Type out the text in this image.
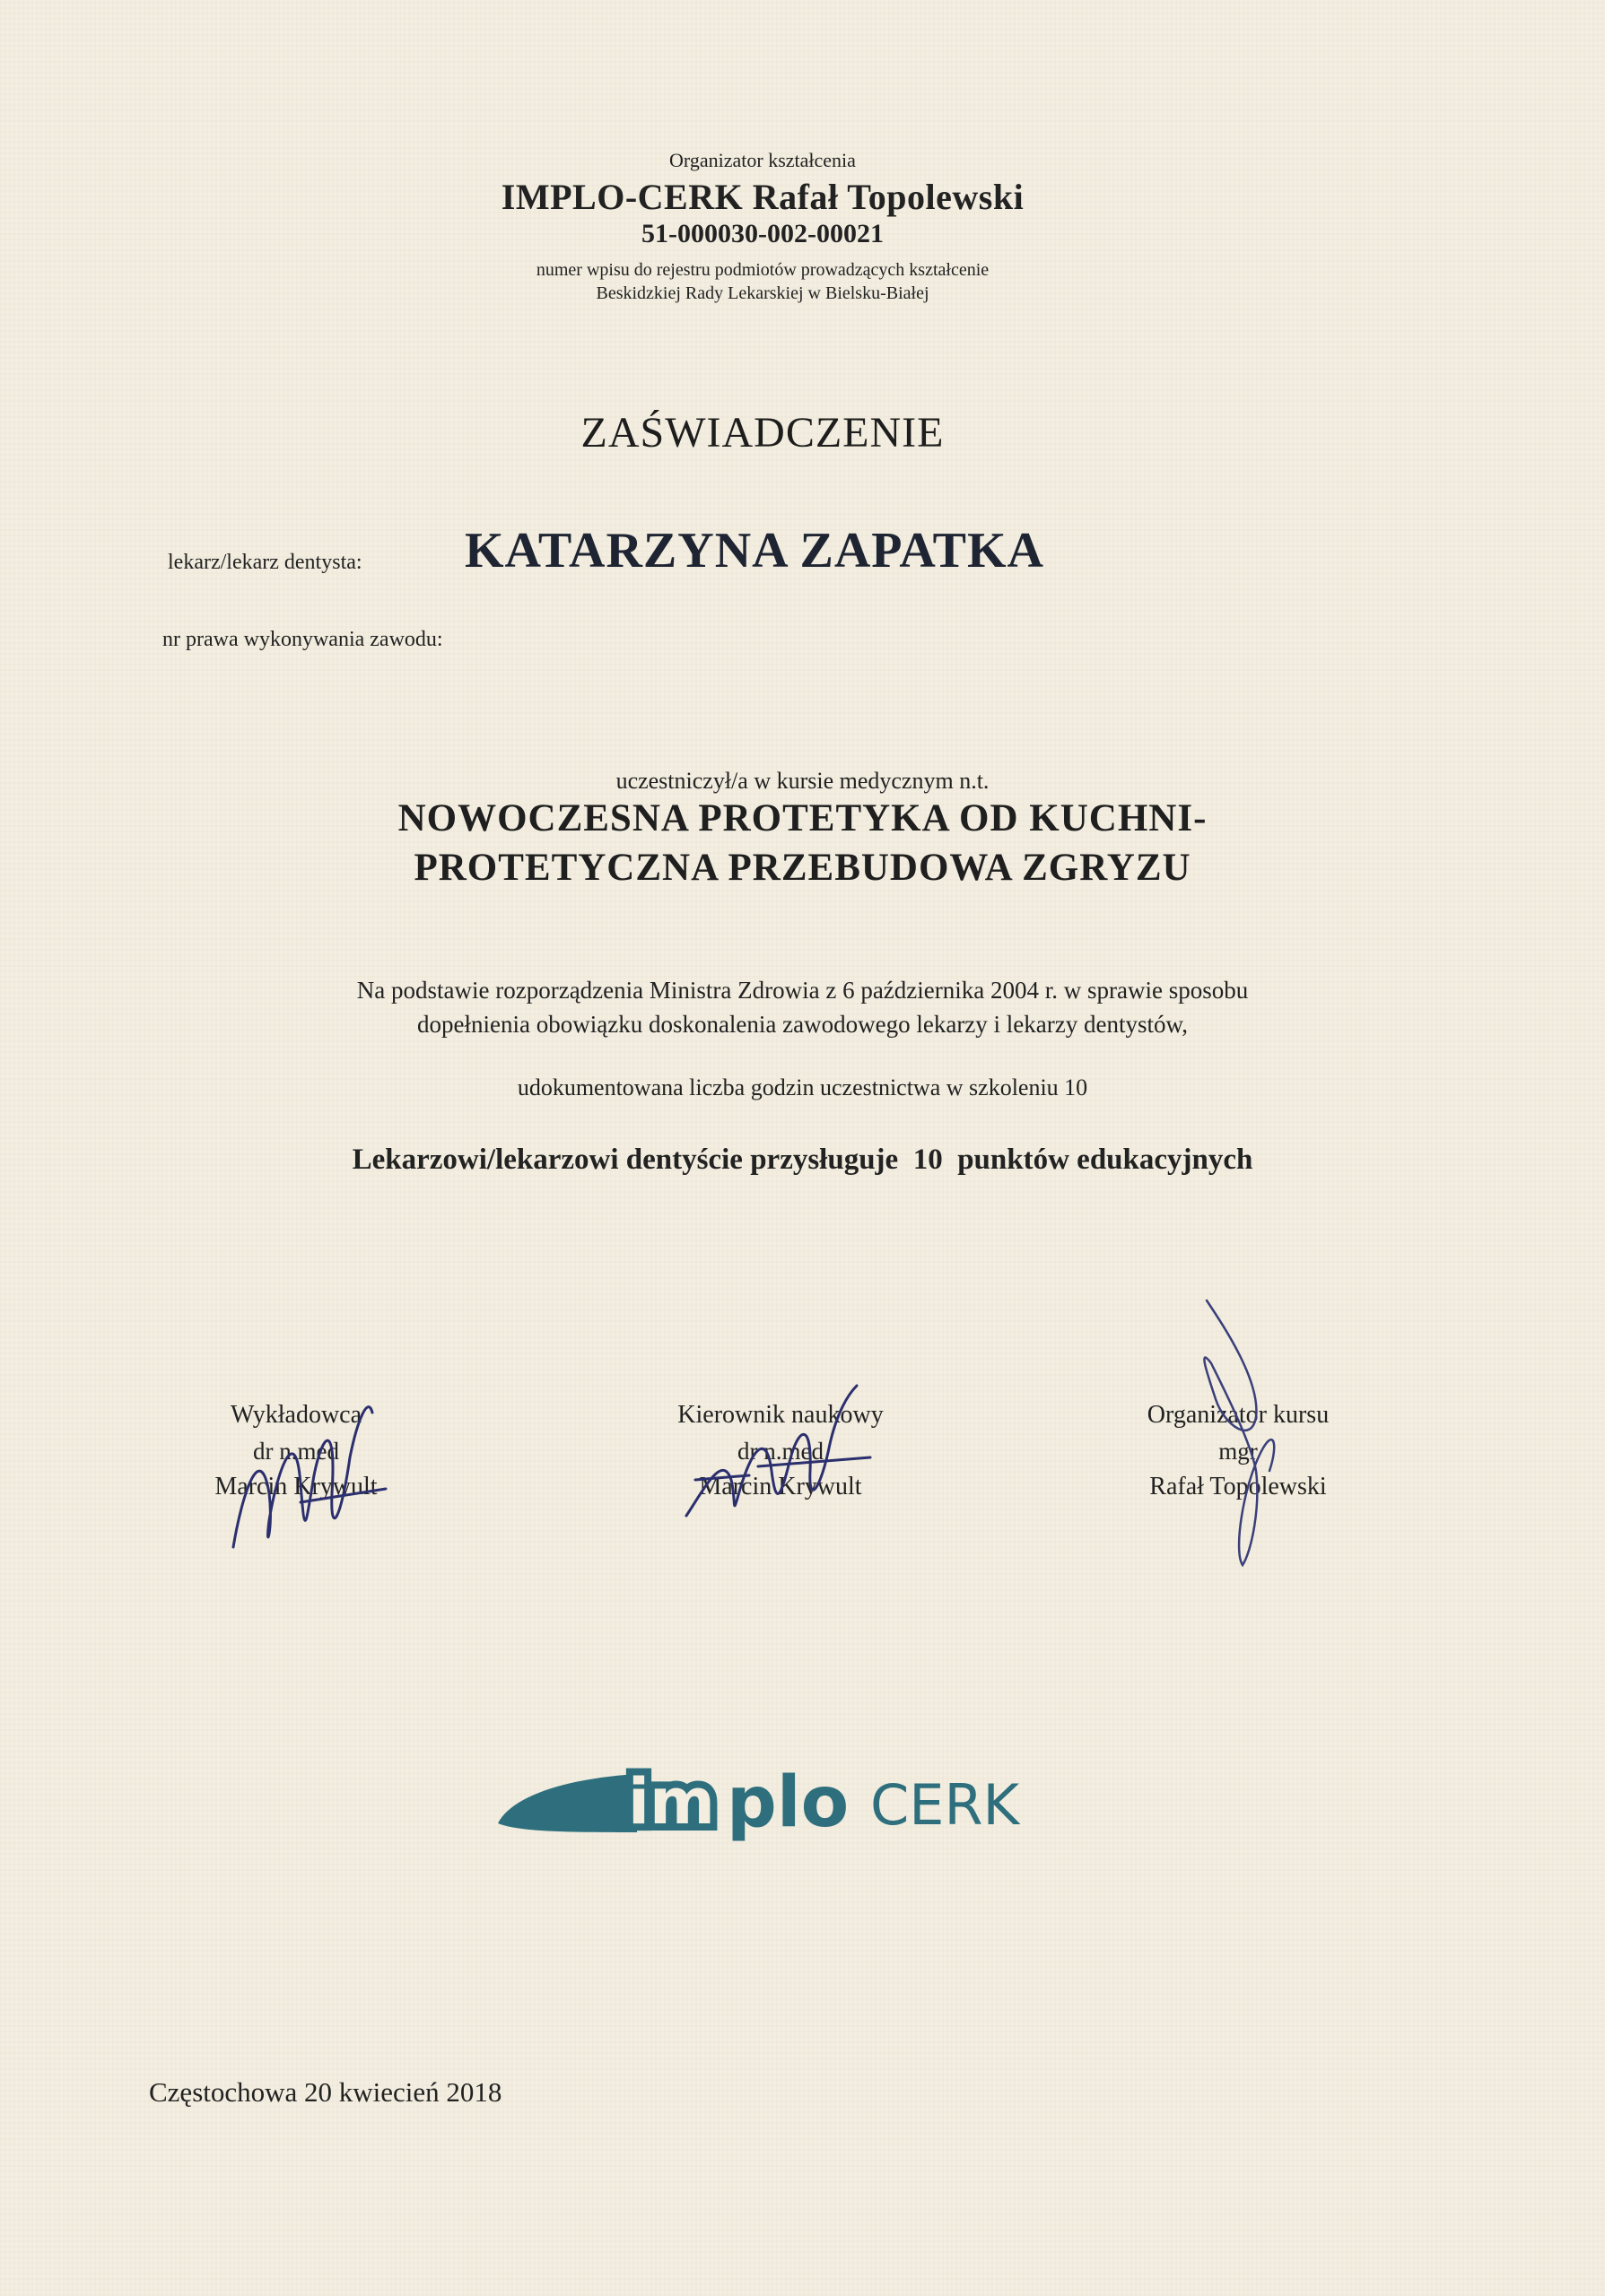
Organizator kształcenia
IMPLO-CERK Rafał Topolewski
51-000030-002-00021
numer wpisu do rejestru podmiotów prowadzących kształcenie
Beskidzkiej Rady Lekarskiej w Bielsku-Białej
ZAŚWIADCZENIE
lekarz/lekarz dentysta: KATARZYNA ZAPATKA
nr prawa wykonywania zawodu:
uczestniczył/a w kursie medycznym n.t.
NOWOCZESNA PROTETYKA OD KUCHNI-
PROTETYCZNA PRZEBUDOWA ZGRYZU
Na podstawie rozporządzenia Ministra Zdrowia z 6 października 2004 r. w sprawie sposobu
dopełnienia obowiązku doskonalenia zawodowego lekarzy i lekarzy dentystów,
udokumentowana liczba godzin uczestnictwa w szkoleniu 10
Lekarzowi/lekarzowi dentyście przysługuje  10  punktów edukacyjnych
Wykładowca
dr n.med
Marcin Krywult
Kierownik naukowy
dr n.med
Marcin Krywult
Organizator kursu
mgr
Rafał Topolewski
im plo CERK
Częstochowa 20 kwiecień 2018
